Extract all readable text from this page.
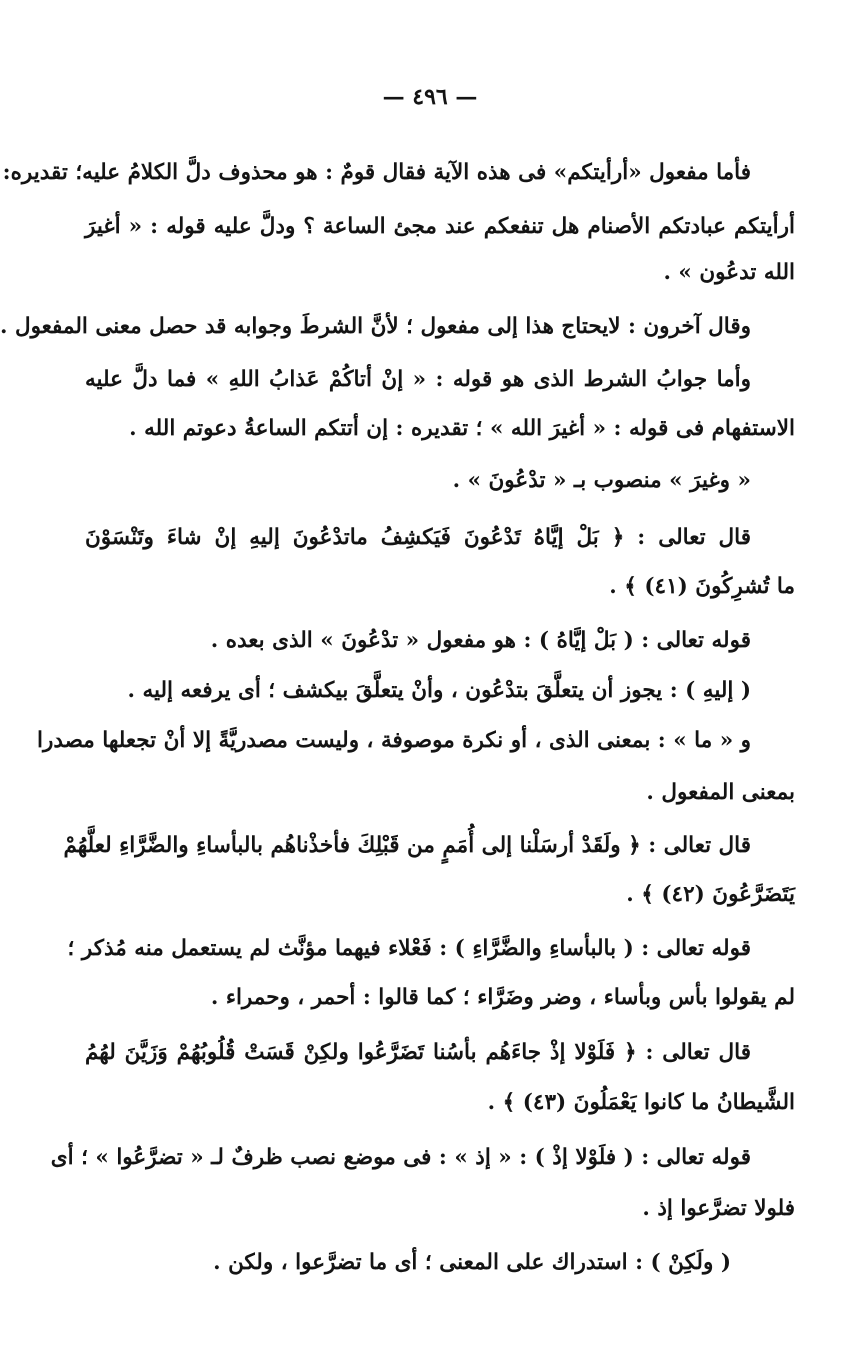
— ٤٩٦ —
فأما مفعول «أرأيتكم» فى هذه الآية فقال قومٌ : هو محذوف دلَّ الكلامُ عليه؛ تقديره:
أرأيتكم عبادتكم الأصنام هل تنفعكم عند مجئ الساعة ؟ ودلَّ عليه قوله : « أغيرَ
الله تدعُون » .
وقال آخرون : لايحتاج هذا إلى مفعول ؛ لأنَّ الشرطَ وجوابه قد حصل معنى المفعول .
وأما جوابُ الشرط الذى هو قوله : « إنْ أتاكُمْ عَذابُ اللهِ » فما دلَّ عليه
الاستفهام فى قوله : « أغيرَ الله » ؛ تقديره : إن أتتكم الساعةُ دعوتم الله .
« وغيرَ » منصوب بـ « تدْعُونَ » .
قال تعالى : ﴿ بَلْ إيَّاهُ تَدْعُونَ فَيَكشِفُ ماتدْعُونَ إليهِ إنْ شاءَ وتَنْسَوْنَ
ما تُشرِكُونَ (٤١) ﴾ .
قوله تعالى : ( بَلْ إيَّاهُ ) : هو مفعول « تدْعُونَ » الذى بعده .
( إليهِ ) : يجوز أن يتعلَّقَ بتدْعُون ، وأنْ يتعلَّقَ بيكشف ؛ أى يرفعه إليه .
و « ما » : بمعنى الذى ، أو نكرة موصوفة ، وليست مصدريَّةً إلا أنْ تجعلها مصدرا
بمعنى المفعول .
قال تعالى : ﴿ ولَقَدْ أرسَلْنا إلى أُمَمٍ من قَبْلِكَ فأخذْناهُم بالبأساءِ والضَّرَّاءِ لعلَّهُمْ
يَتَضَرَّعُونَ (٤٢) ﴾ .
قوله تعالى : ( بالبأساءِ والضَّرَّاءِ ) : فَعْلاء فيهما مؤنَّث لم يستعمل منه مُذكر ؛
لم يقولوا بأس وبأساء ، وضر وضَرَّاء ؛ كما قالوا : أحمر ، وحمراء .
قال تعالى : ﴿ فَلَوْلا إذْ جاءَهُم بأسُنا تَضَرَّعُوا ولكِنْ قَسَتْ قُلُوبُهُمْ وَزَيَّنَ لهُمُ
الشَّيطانُ ما كانوا يَعْمَلُونَ (٤٣) ﴾ .
قوله تعالى : ( فلَوْلا إذْ ) : « إذ » : فى موضع نصب ظرفٌ لـ « تضرَّعُوا » ؛ أى
فلولا تضرَّعوا إذ .
( ولَكِنْ ) : استدراك على المعنى ؛ أى ما تضرَّعوا ، ولكن .
